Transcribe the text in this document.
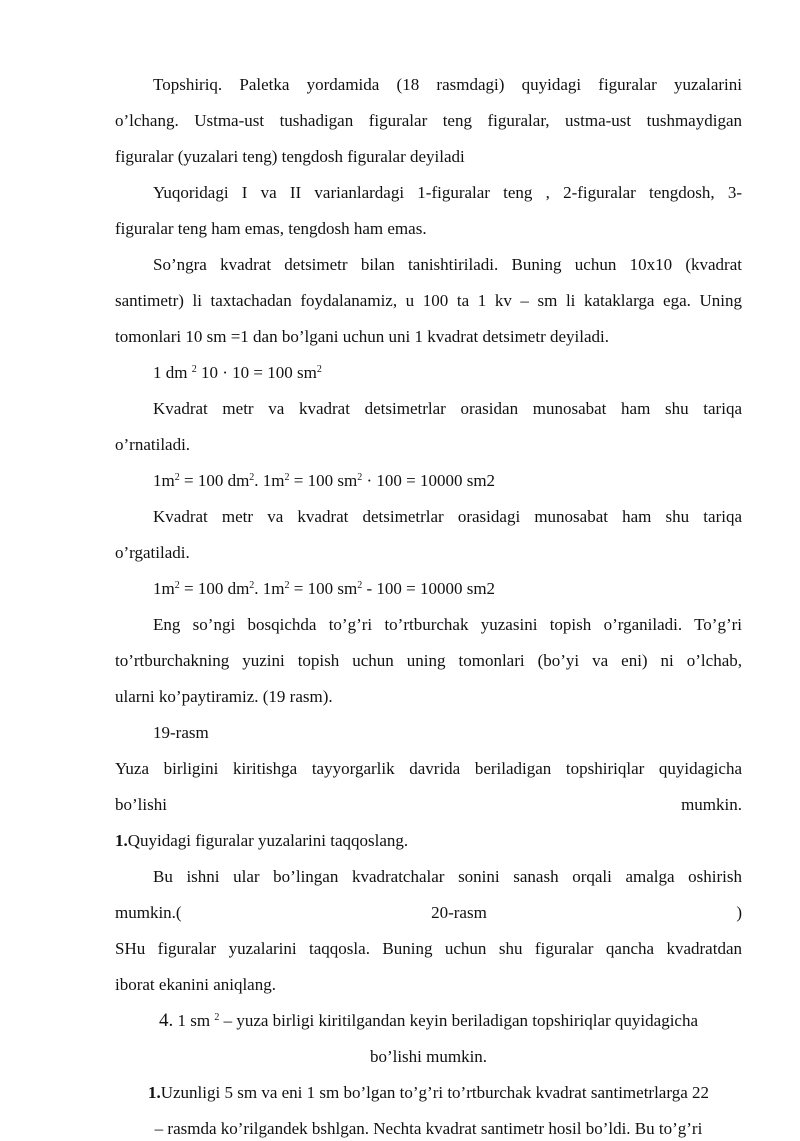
Topshiriq. Paletka yordamida (18 rasmdagi) quyidagi figuralar yuzalarini
o’lchang. Ustma-ust tushadigan figuralar teng figuralar, ustma-ust tushmaydigan
figuralar (yuzalari teng) tengdosh figuralar deyiladi
Yuqoridagi I va II varianlardagi 1-figuralar teng , 2-figuralar tengdosh, 3-
figuralar teng ham emas, tengdosh ham emas.
So’ngra kvadrat detsimetr bilan tanishtiriladi. Buning uchun 10x10 (kvadrat
santimetr) li taxtachadan foydalanamiz, u 100 ta 1 kv – sm li kataklarga ega. Uning
tomonlari 10 sm =1 dan bo’lgani uchun uni 1 kvadrat detsimetr deyiladi.
1 dm $^2$ 10 · 10 = 100 $sm^2$
Kvadrat metr va kvadrat detsimetrlar orasidan munosabat ham shu tariqa
o’rnatiladi.
$1m^2 = 100$ $dm^2$. $1m^2 = 100$ $sm^2 \cdot 100 = 10000$ sm2
Kvadrat metr va kvadrat detsimetrlar orasidagi munosabat ham shu tariqa
o’rgatiladi.
$1m^2 = 100$ $dm^2$. $1m^2 = 100$ $sm^2 - 100 = 10000$ sm2
Eng so’ngi bosqichda to’g’ri to’rtburchak yuzasini topish o’rganiladi. To’g’ri
to’rtburchakning yuzini topish uchun uning tomonlari (bo’yi va eni) ni o’lchab,
ularni ko’paytiramiz. (19 rasm).
19-rasm
Yuza birligini kiritishga tayyorgarlik davrida beriladigan topshiriqlar quyidagicha
bo’lishi	mumkin.
1.Quyidagi figuralar yuzalarini taqqoslang.
Bu ishni ular bo’lingan kvadratchalar sonini sanash orqali amalga oshirish
mumkin.(	20-rasm	)
SHu figuralar yuzalarini taqqosla. Buning uchun shu figuralar qancha kvadratdan
iborat ekanini aniqlang.
4. 1 sm $^2$ – yuza birligi kiritilgandan keyin beriladigan topshiriqlar quyidagicha
bo’lishi mumkin.
1.Uzunligi 5 sm va eni 1 sm bo’lgan to’g’ri to’rtburchak kvadrat santimetrlarga 22
– rasmda ko’rilgandek bshlgan. Nechta kvadrat santimetr hosil bo’ldi. Bu to’g’ri
